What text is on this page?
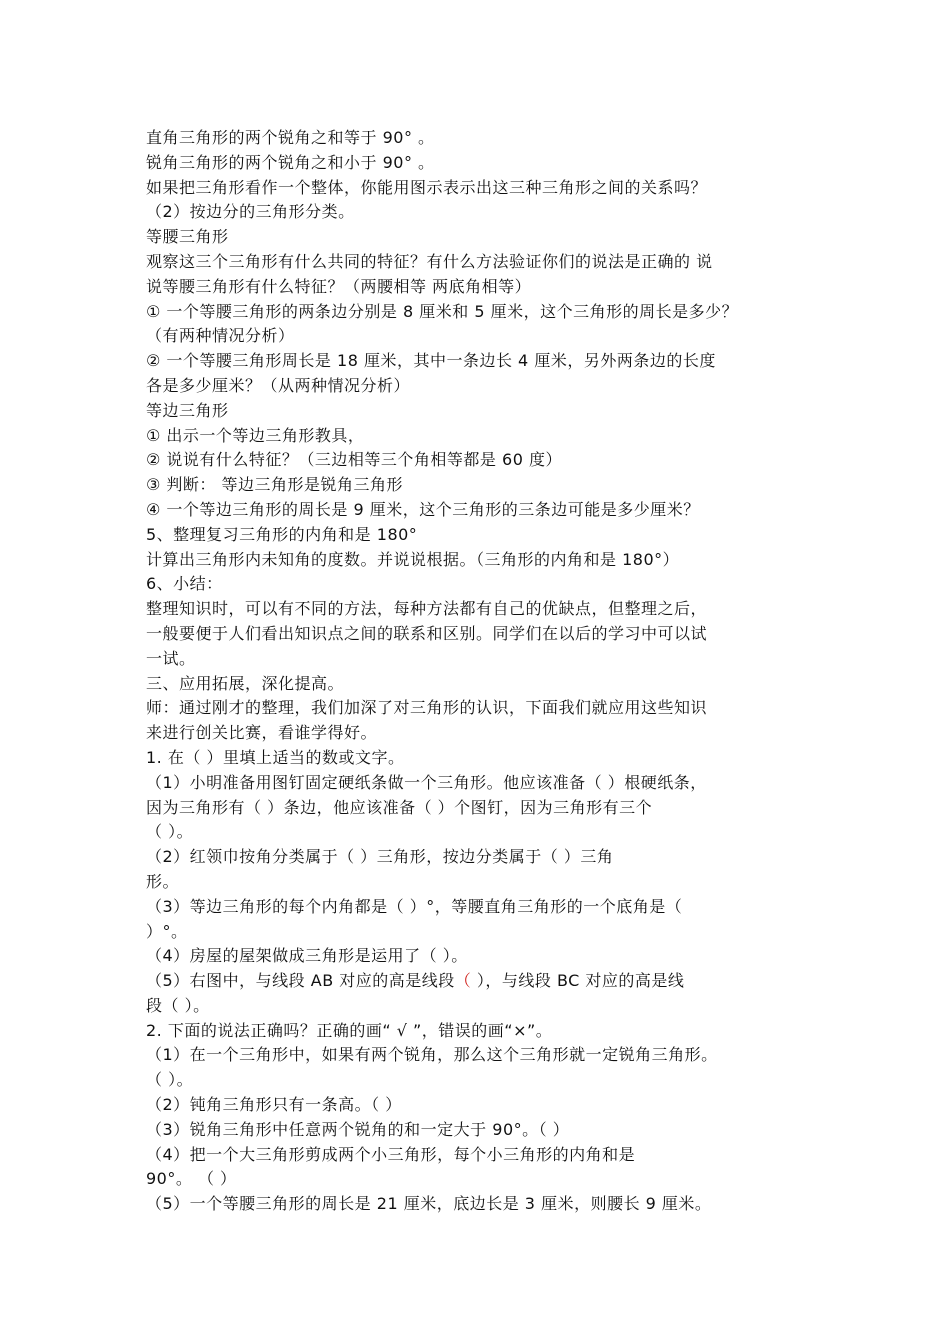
直角三角形的两个锐角之和等于 90° 。
锐角三角形的两个锐角之和小于 90° 。
如果把三角形看作一个整体，你能用图示表示出这三种三角形之间的关系吗？
（2）按边分的三角形分类。
等腰三角形
观察这三个三角形有什么共同的特征？有什么方法验证你们的说法是正确的 说
说等腰三角形有什么特征？（两腰相等 两底角相等）
① 一个等腰三角形的两条边分别是 8 厘米和 5 厘米，这个三角形的周长是多少？
（有两种情况分析）
② 一个等腰三角形周长是 18 厘米，其中一条边长 4 厘米，另外两条边的长度
各是多少厘米？（从两种情况分析）
等边三角形
① 出示一个等边三角形教具，
② 说说有什么特征？（三边相等三个角相等都是 60 度）
③ 判断： 等边三角形是锐角三角形
④ 一个等边三角形的周长是 9 厘米，这个三角形的三条边可能是多少厘米？
5、整理复习三角形的内角和是 180°
计算出三角形内未知角的度数。并说说根据。（三角形的内角和是 180°）
6、小结：
整理知识时，可以有不同的方法，每种方法都有自己的优缺点，但整理之后，
一般要便于人们看出知识点之间的联系和区别。同学们在以后的学习中可以试
一试。
三、应用拓展，深化提高。
师：通过刚才的整理，我们加深了对三角形的认识，下面我们就应用这些知识
来进行创关比赛，看谁学得好。
1. 在（ ）里填上适当的数或文字。
（1）小明准备用图钉固定硬纸条做一个三角形。他应该准备（ ）根硬纸条，
因为三角形有（ ）条边，他应该准备（ ）个图钉，因为三角形有三个
（ ）。
（2）红领巾按角分类属于（ ）三角形，按边分类属于（ ）三角
形。
（3）等边三角形的每个内角都是（ ）°，等腰直角三角形的一个底角是（
）°。
（4）房屋的屋架做成三角形是运用了（ ）。
（5）右图中，与线段 AB 对应的高是线段（ ），与线段 BC 对应的高是线
段（ ）。
2. 下面的说法正确吗？正确的画“ √ ”，错误的画“×”。
（1）在一个三角形中，如果有两个锐角，那么这个三角形就一定锐角三角形。
（ ）。
（2）钝角三角形只有一条高。（ ）
（3）锐角三角形中任意两个锐角的和一定大于 90°。（ ）
（4）把一个大三角形剪成两个小三角形，每个小三角形的内角和是
90°。 （ ）
（5）一个等腰三角形的周长是 21 厘米，底边长是 3 厘米，则腰长 9 厘米。
